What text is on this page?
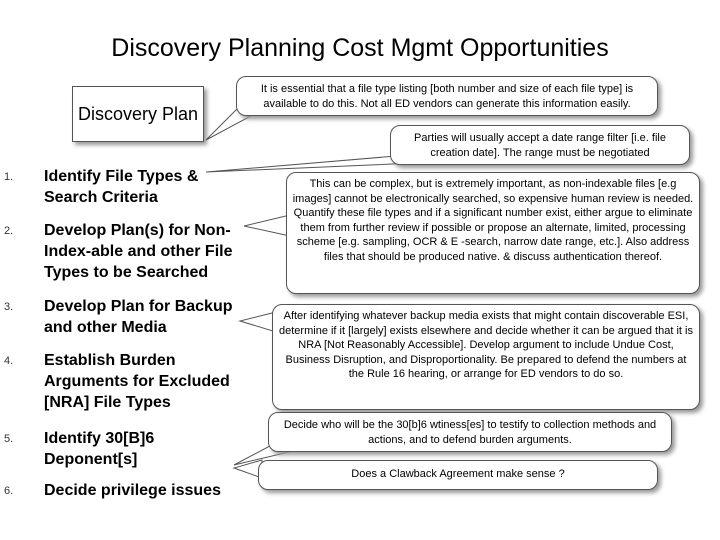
Discovery Planning Cost Mgmt Opportunities
Discovery Plan
It is essential that a file type listing [both number and size of each file type] is available to do this. Not all ED vendors can generate this information easily.
Parties will usually accept a date range filter [i.e. file creation date]. The range must be negotiated
This can be complex, but is extremely important, as non-indexable files [e.g images] cannot be electronically searched, so expensive human review is needed. Quantify these file types and if a significant number exist, either argue to eliminate them from further review if possible or propose an alternate, limited, processing scheme [e.g. sampling, OCR & E -search, narrow date range, etc.]. Also address files that should be produced native. & discuss authentication thereof.
After identifying whatever backup media exists that might contain discoverable ESI, determine if it [largely] exists elsewhere and decide whether it can be argued that it is NRA [Not Reasonably Accessible]. Develop argument to include Undue Cost, Business Disruption, and Disproportionality. Be prepared to defend the numbers at the Rule 16 hearing, or arrange for ED vendors to do so.
Decide who will be the 30[b]6 wtiness[es] to testify to collection methods and actions, and to defend burden arguments.
Does a Clawback Agreement make sense ?
1. Identify File Types & Search Criteria
2. Develop Plan(s) for Non-Index-able and other File Types to be Searched
3. Develop Plan for Backup and other Media
4. Establish Burden Arguments for Excluded [NRA] File Types
5. Identify 30[B]6 Deponent[s]
6. Decide privilege issues
